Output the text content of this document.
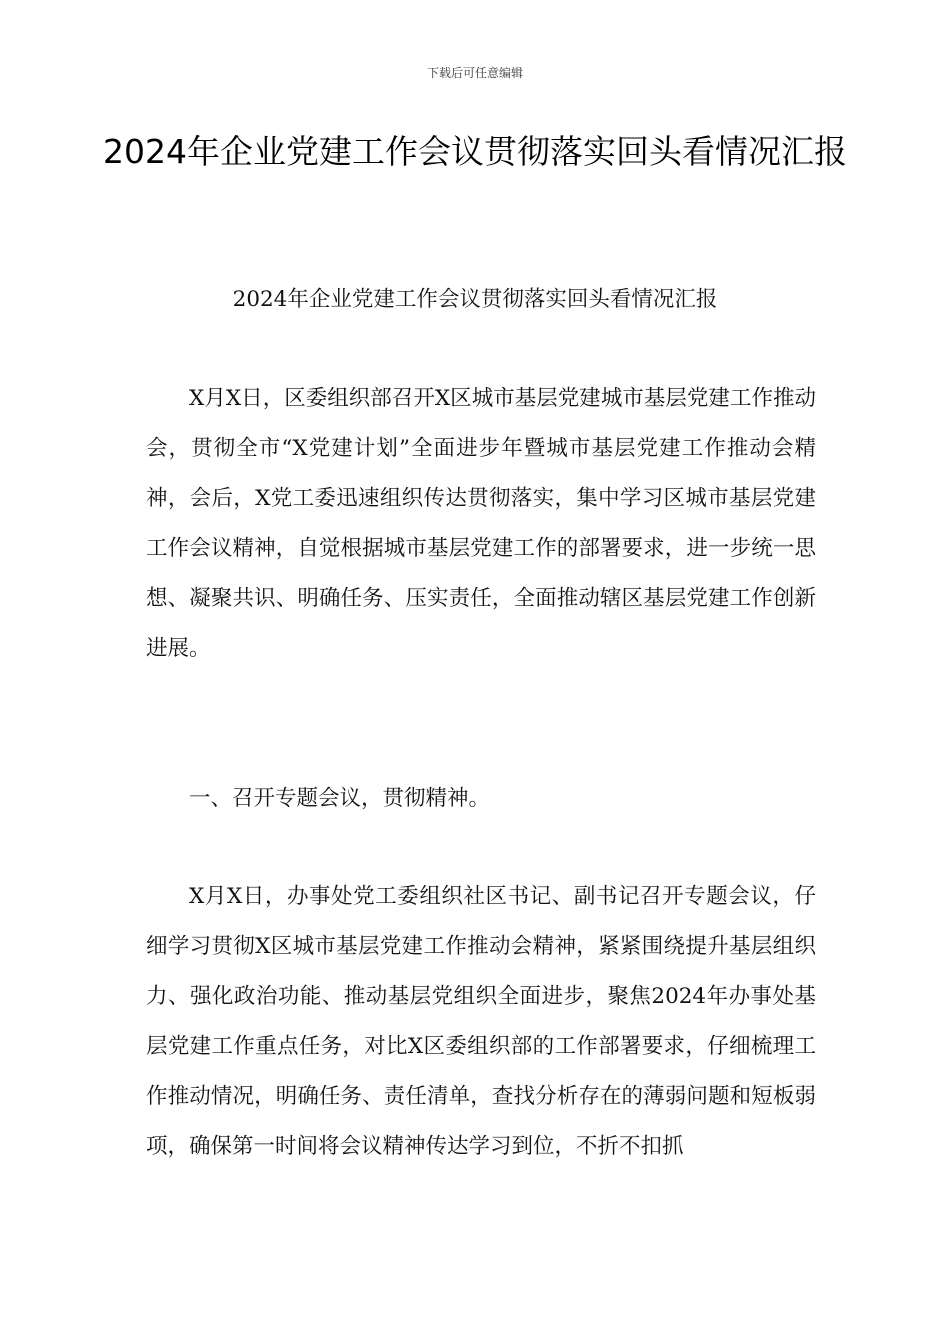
下载后可任意编辑
2024年企业党建工作会议贯彻落实回头看情况汇报
2024年企业党建工作会议贯彻落实回头看情况汇报

X月X日，区委组织部召开X区城市基层党建城市基层党建工作推动会，贯彻全市“X党建计划”全面进步年暨城市基层党建工作推动会精神，会后，X党工委迅速组织传达贯彻落实，集中学习区城市基层党建工作会议精神，自觉根据城市基层党建工作的部署要求，进一步统一思想、凝聚共识、明确任务、压实责任，全面推动辖区基层党建工作创新进展。

一、召开专题会议，贯彻精神。

X月X日，办事处党工委组织社区书记、副书记召开专题会议，仔细学习贯彻X区城市基层党建工作推动会精神，紧紧围绕提升基层组织力、强化政治功能、推动基层党组织全面进步，聚焦2024年办事处基层党建工作重点任务，对比X区委组织部的工作部署要求，仔细梳理工作推动情况，明确任务、责任清单，查找分析存在的薄弱问题和短板弱项，确保第一时间将会议精神传达学习到位，不折不扣抓
